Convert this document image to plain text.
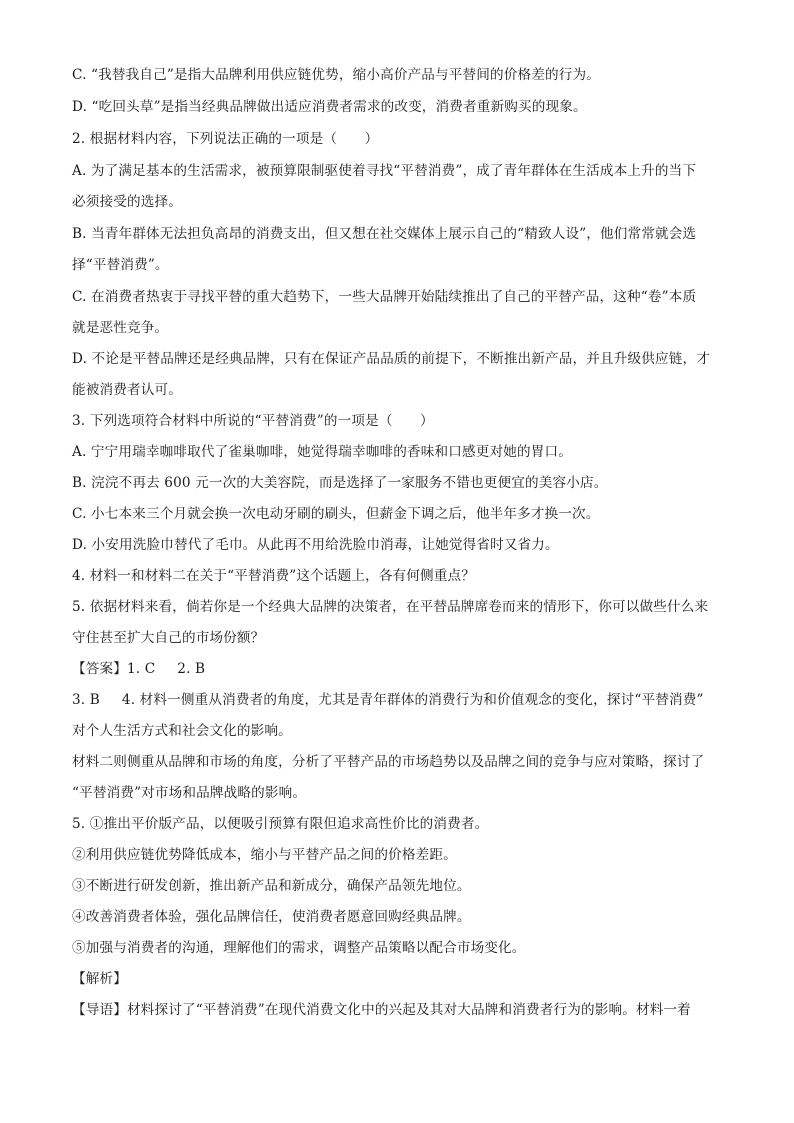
C. “我替我自己”是指大品牌利用供应链优势，缩小高价产品与平替间的价格差的行为。
D. “吃回头草”是指当经典品牌做出适应消费者需求的改变，消费者重新购买的现象。
2. 根据材料内容，下列说法正确的一项是（　　）
A. 为了满足基本的生活需求，被预算限制驱使着寻找“平替消费”，成了青年群体在生活成本上升的当下
必须接受的选择。
B. 当青年群体无法担负高昂的消费支出，但又想在社交媒体上展示自己的“精致人设”，他们常常就会选
择“平替消费”。
C. 在消费者热衷于寻找平替的重大趋势下，一些大品牌开始陆续推出了自己的平替产品，这种“卷”本质
就是恶性竞争。
D. 不论是平替品牌还是经典品牌，只有在保证产品品质的前提下，不断推出新产品，并且升级供应链，才
能被消费者认可。
3. 下列选项符合材料中所说的“平替消费”的一项是（　　）
A. 宁宁用瑞幸咖啡取代了雀巢咖啡，她觉得瑞幸咖啡的香味和口感更对她的胃口。
B. 浣浣不再去 600 元一次的大美容院，而是选择了一家服务不错也更便宜的美容小店。
C. 小七本来三个月就会换一次电动牙刷的刷头，但薪金下调之后，他半年多才换一次。
D. 小安用洗脸巾替代了毛巾。从此再不用给洗脸巾消毒，让她觉得省时又省力。
4. 材料一和材料二在关于“平替消费”这个话题上，各有何侧重点？
5. 依据材料来看，倘若你是一个经典大品牌的决策者，在平替品牌席卷而来的情形下，你可以做些什么来
守住甚至扩大自己的市场份额？
【答案】1. C 2. B
3. B 4. 材料一侧重从消费者的角度，尤其是青年群体的消费行为和价值观念的变化，探讨“平替消费”
对个人生活方式和社会文化的影响。
材料二则侧重从品牌和市场的角度，分析了平替产品的市场趋势以及品牌之间的竞争与应对策略，探讨了
“平替消费”对市场和品牌战略的影响。
5. ①推出平价版产品，以便吸引预算有限但追求高性价比的消费者。
②利用供应链优势降低成本，缩小与平替产品之间的价格差距。
③不断进行研发创新，推出新产品和新成分，确保产品领先地位。
④改善消费者体验，强化品牌信任，使消费者愿意回购经典品牌。
⑤加强与消费者的沟通，理解他们的需求，调整产品策略以配合市场变化。
【解析】
【导语】材料探讨了“平替消费”在现代消费文化中的兴起及其对大品牌和消费者行为的影响。材料一着
